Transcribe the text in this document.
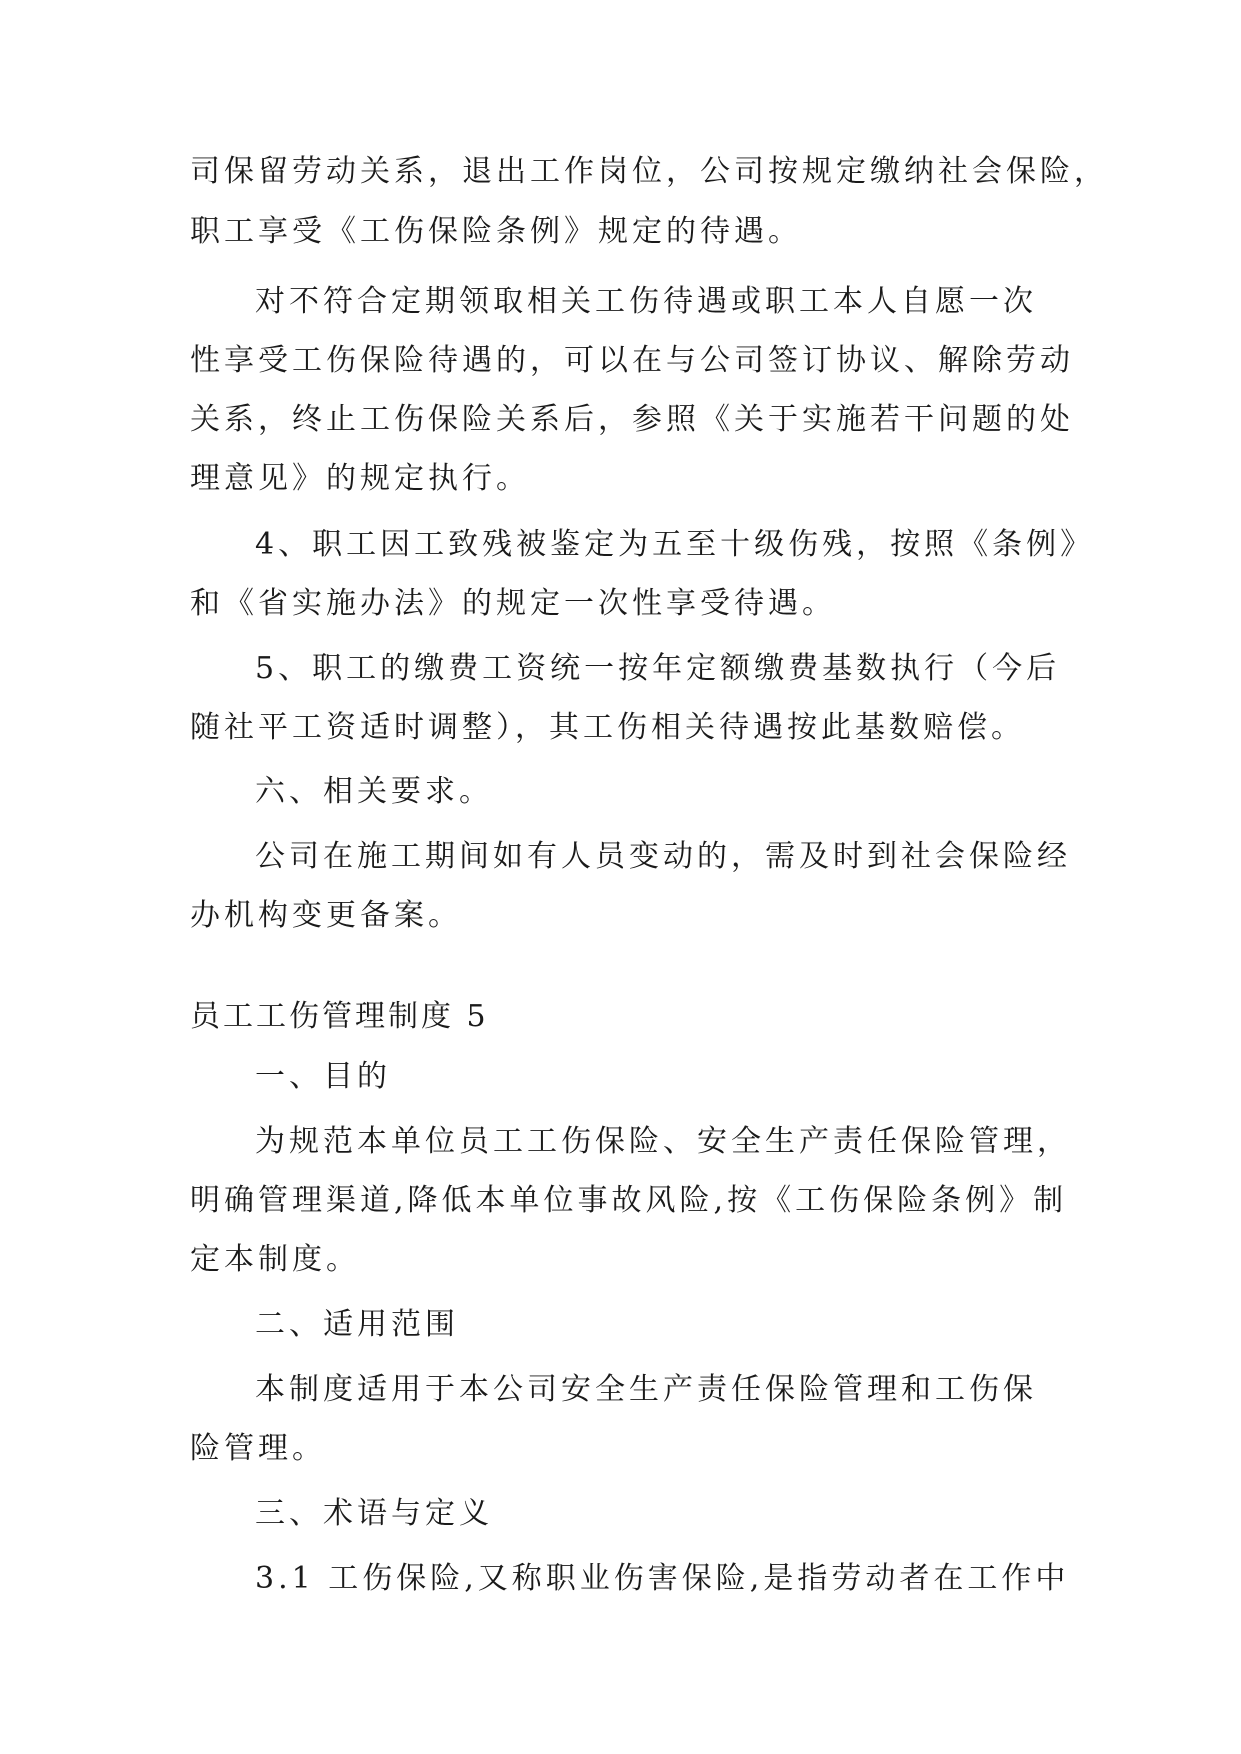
司保留劳动关系，退出工作岗位，公司按规定缴纳社会保险，
职工享受《工伤保险条例》规定的待遇。
对不符合定期领取相关工伤待遇或职工本人自愿一次
性享受工伤保险待遇的，可以在与公司签订协议、解除劳动
关系，终止工伤保险关系后，参照《关于实施若干问题的处
理意见》的规定执行。
4、职工因工致残被鉴定为五至十级伤残，按照《条例》
和《省实施办法》的规定一次性享受待遇。
5、职工的缴费工资统一按年定额缴费基数执行（今后
随社平工资适时调整），其工伤相关待遇按此基数赔偿。
六、相关要求。
公司在施工期间如有人员变动的，需及时到社会保险经
办机构变更备案。
员工工伤管理制度 5
一、目的
为规范本单位员工工伤保险、安全生产责任保险管理，
明确管理渠道,降低本单位事故风险,按《工伤保险条例》制
定本制度。
二、适用范围
本制度适用于本公司安全生产责任保险管理和工伤保
险管理。
三、术语与定义
3.1 工伤保险,又称职业伤害保险,是指劳动者在工作中
